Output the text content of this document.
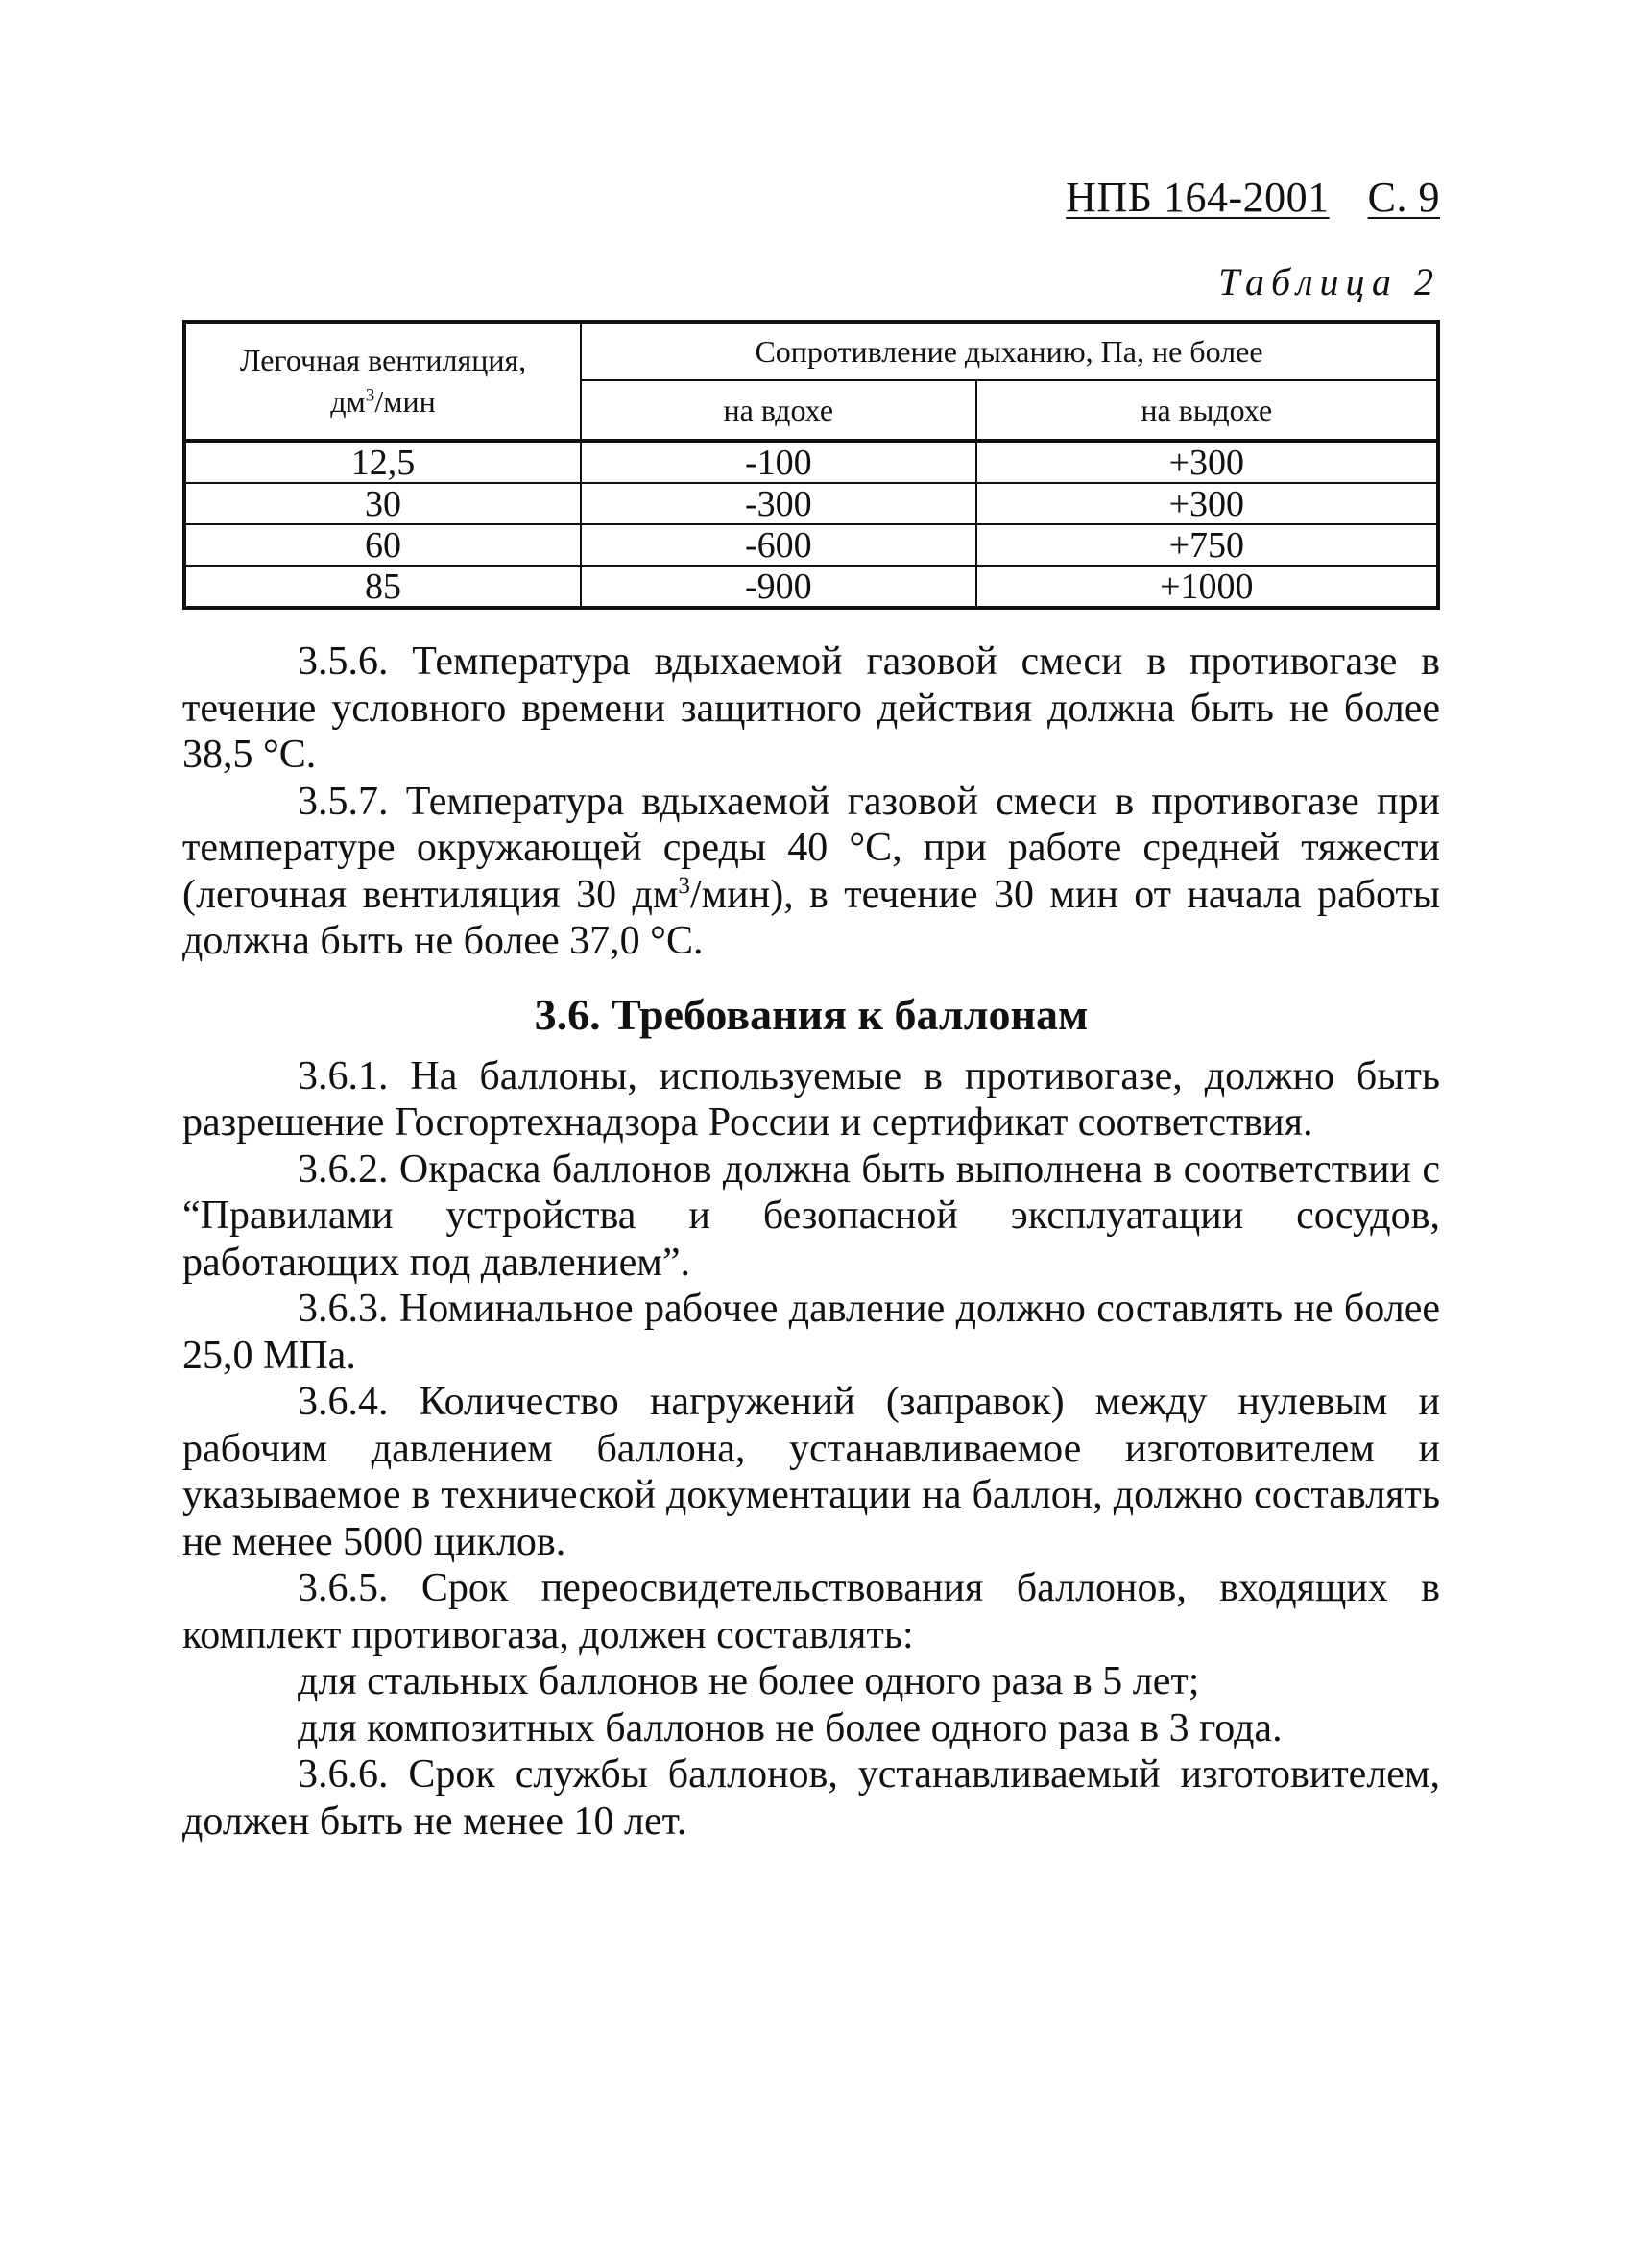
НПБ 164-2001 С. 9
Таблица 2
Легочная вентиляция,
$дм^3$/мин	Сопротивление дыханию, Па, не более	
	на вдохе	на выдохе
12,5	-100	+300
30	-300	+300
60	-600	+750
85	-900	+1000

3.5.6. Температура вдыхаемой газовой смеси в противогазе в течение условного времени защитного действия должна быть не более 38,5 °С.

3.5.7. Температура вдыхаемой газовой смеси в противогазе при температуре окружающей среды 40 °С, при работе средней тяжести (легочная вентиляция 30 $дм^3/мин$), в течение 30 мин от начала работы должна быть не более 37,0 °С.

3.6. Требования к баллонам

3.6.1. На баллоны, используемые в противогазе, должно быть разрешение Госгортехнадзора России и сертификат соответствия.

3.6.2. Окраска баллонов должна быть выполнена в соответствии с “Правилами устройства и безопасной эксплуатации сосудов, работающих под давлением”.

3.6.3. Номинальное рабочее давление должно составлять не более 25,0 МПа.

3.6.4. Количество нагружений (заправок) между нулевым и рабочим давлением баллона, устанавливаемое изготовителем и указываемое в технической документации на баллон, должно составлять не менее 5000 циклов.

3.6.5. Срок переосвидетельствования баллонов, входящих в комплект противогаза, должен составлять:

для стальных баллонов не более одного раза в 5 лет;

для композитных баллонов не более одного раза в 3 года.

3.6.6. Срок службы баллонов, устанавливаемый изготовителем, должен быть не менее 10 лет.
